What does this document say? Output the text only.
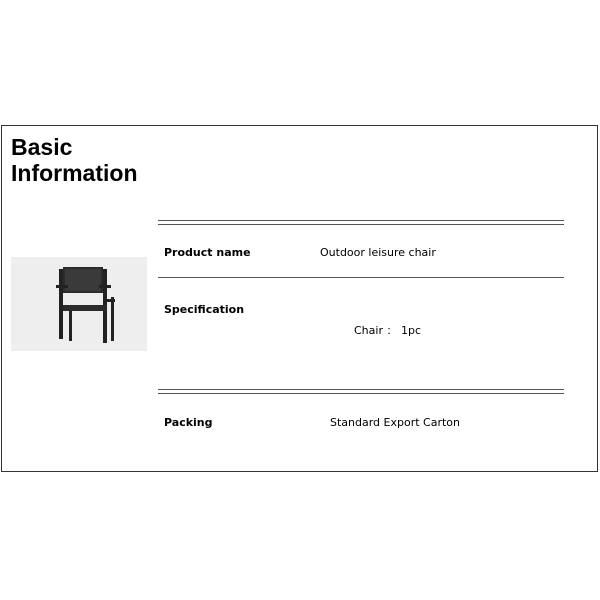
Basic
Information
Product name	Outdoor leisure chair
Specification
Chair ： 1pc
Packing	Standard Export Carton
